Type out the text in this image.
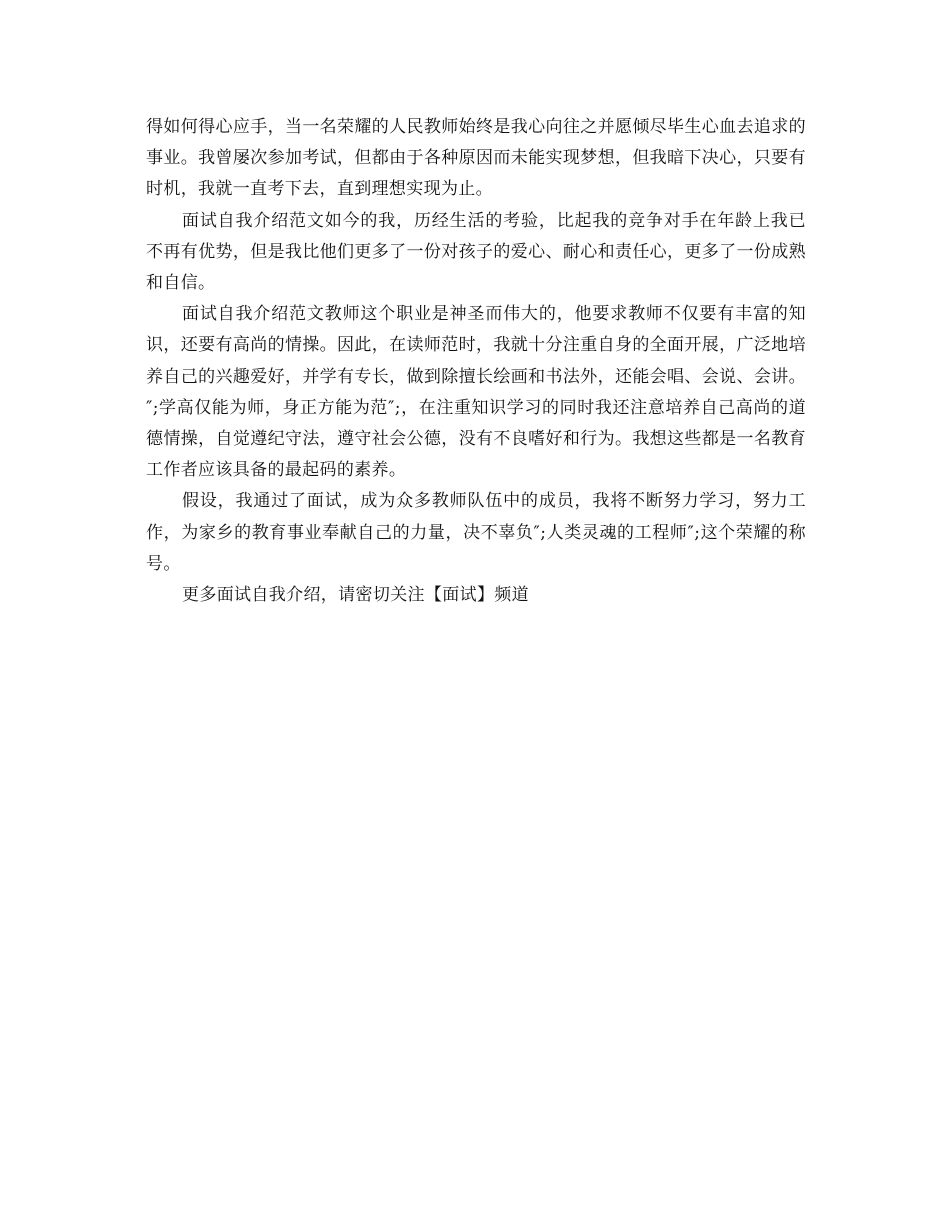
得如何得心应手，当一名荣耀的人民教师始终是我心向往之并愿倾尽毕生心血去追求的事业。我曾屡次参加考试，但都由于各种原因而未能实现梦想，但我暗下决心，只要有时机，我就一直考下去，直到理想实现为止。

面试自我介绍范文如今的我，历经生活的考验，比起我的竞争对手在年龄上我已不再有优势，但是我比他们更多了一份对孩子的爱心、耐心和责任心，更多了一份成熟和自信。

面试自我介绍范文教师这个职业是神圣而伟大的，他要求教师不仅要有丰富的知识，还要有高尚的情操。因此，在读师范时，我就十分注重自身的全面开展，广泛地培养自己的兴趣爱好，并学有专长，做到除擅长绘画和书法外，还能会唱、会说、会讲。″;学高仅能为师，身正方能为范″;，在注重知识学习的同时我还注意培养自己高尚的道德情操，自觉遵纪守法，遵守社会公德，没有不良嗜好和行为。我想这些都是一名教育工作者应该具备的最起码的素养。

假设，我通过了面试，成为众多教师队伍中的成员，我将不断努力学习，努力工作，为家乡的教育事业奉献自己的力量，决不辜负″;人类灵魂的工程师″;这个荣耀的称号。

更多面试自我介绍，请密切关注【面试】频道
